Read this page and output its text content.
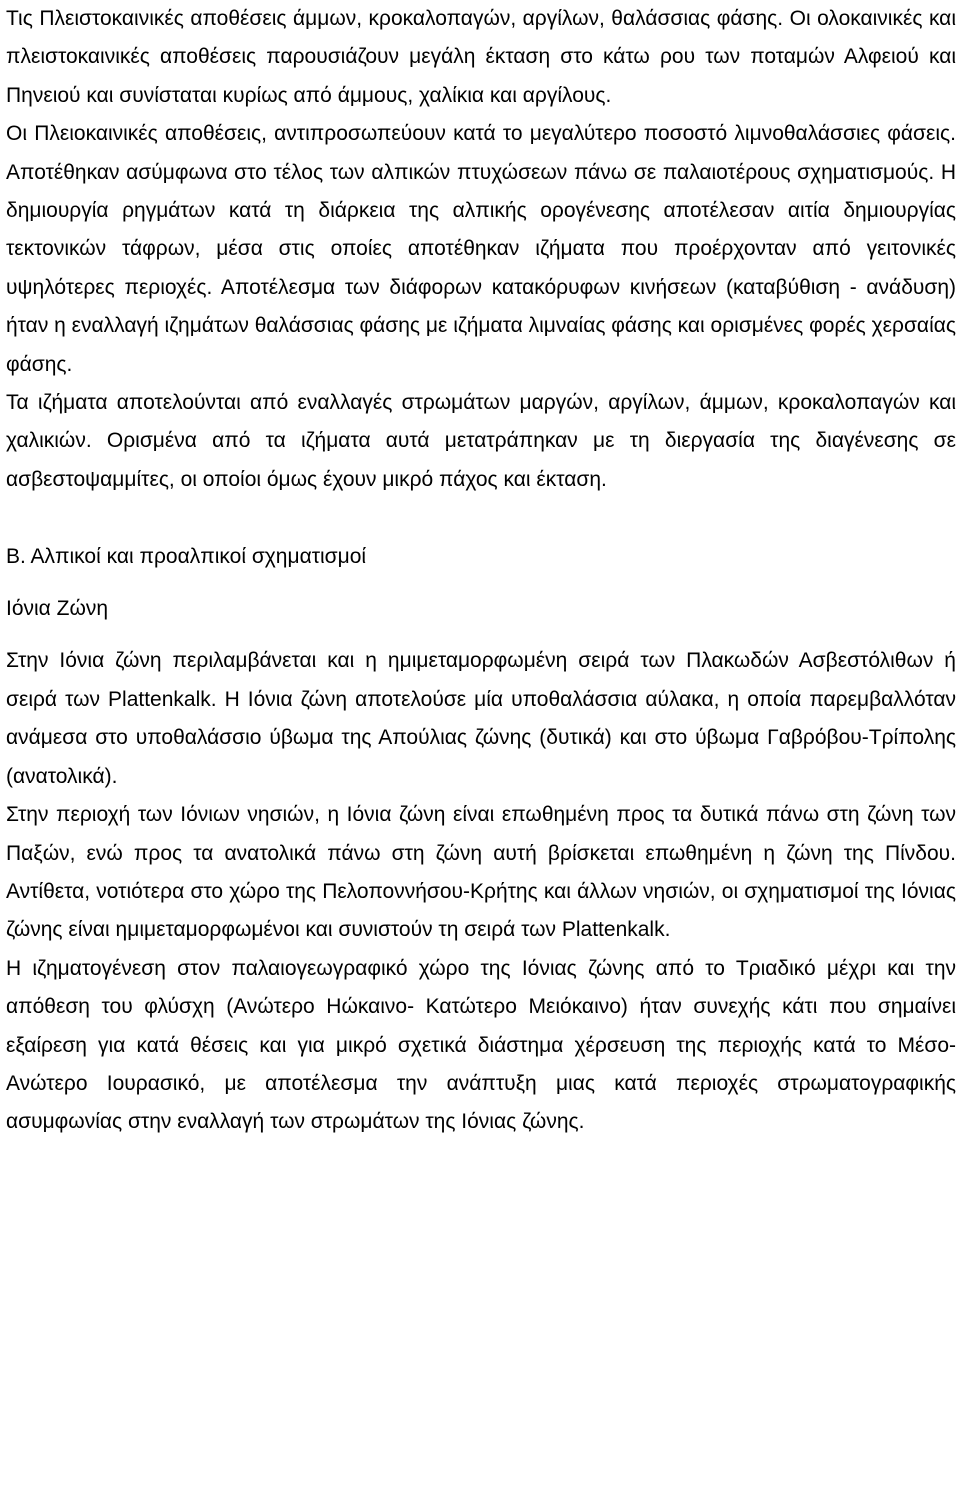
Τις Πλειστοκαινικές αποθέσεις άμμων, κροκαλοπαγών, αργίλων, θαλάσσιας φάσης. Οι ολοκαινικές και πλειστοκαινικές αποθέσεις παρουσιάζουν μεγάλη έκταση στο κάτω ρου των ποταμών Αλφειού και Πηνειού και συνίσταται κυρίως από άμμους, χαλίκια και αργίλους.

Οι Πλειοκαινικές αποθέσεις, αντιπροσωπεύουν κατά το μεγαλύτερο ποσοστό λιμνοθαλάσσιες φάσεις. Αποτέθηκαν ασύμφωνα στο τέλος των αλπικών πτυχώσεων πάνω σε παλαιοτέρους σχηματισμούς. Η δημιουργία ρηγμάτων κατά τη διάρκεια της αλπικής ορογένεσης αποτέλεσαν αιτία δημιουργίας τεκτονικών τάφρων, μέσα στις οποίες αποτέθηκαν ιζήματα που προέρχονταν από γειτονικές υψηλότερες περιοχές. Αποτέλεσμα των διάφορων κατακόρυφων κινήσεων (καταβύθιση - ανάδυση) ήταν η εναλλαγή ιζημάτων θαλάσσιας φάσης με ιζήματα λιμναίας φάσης και ορισμένες φορές χερσαίας φάσης.

Τα ιζήματα αποτελούνται από εναλλαγές στρωμάτων μαργών, αργίλων, άμμων, κροκαλοπαγών και χαλικιών. Ορισμένα από τα ιζήματα αυτά μετατράπηκαν με τη διεργασία της διαγένεσης σε ασβεστοψαμμίτες, οι οποίοι όμως έχουν μικρό πάχος και έκταση.

Β. Αλπικοί και προαλπικοί σχηματισμοί

Ιόνια Ζώνη

Στην Ιόνια ζώνη περιλαμβάνεται και η ημιμεταμορφωμένη σειρά των Πλακωδών Ασβεστόλιθων ή σειρά των Plattenkalk. Η Ιόνια ζώνη αποτελούσε μία υποθαλάσσια αύλακα, η οποία παρεμβαλλόταν ανάμεσα στο υποθαλάσσιο ύβωμα της Απούλιας ζώνης (δυτικά) και στο ύβωμα Γαβρόβου-Τρίπολης (ανατολικά).

Στην περιοχή των Ιόνιων νησιών, η Ιόνια ζώνη είναι επωθημένη προς τα δυτικά πάνω στη ζώνη των Παξών, ενώ προς τα ανατολικά πάνω στη ζώνη αυτή βρίσκεται επωθημένη η ζώνη της Πίνδου. Αντίθετα, νοτιότερα στο χώρο της Πελοποννήσου-Κρήτης και άλλων νησιών, οι σχηματισμοί της Ιόνιας ζώνης είναι ημιμεταμορφωμένοι και συνιστούν τη σειρά των Plattenkalk.

Η ιζηματογένεση στον παλαιογεωγραφικό χώρο της Ιόνιας ζώνης από το Τριαδικό μέχρι και την απόθεση του φλύσχη (Ανώτερο Ηώκαινο- Κατώτερο Μειόκαινο) ήταν συνεχής κάτι που σημαίνει εξαίρεση για κατά θέσεις και για μικρό σχετικά διάστημα χέρσευση της περιοχής κατά το Μέσο-Ανώτερο Ιουρασικό, με αποτέλεσμα την ανάπτυξη μιας κατά περιοχές στρωματογραφικής ασυμφωνίας στην εναλλαγή των στρωμάτων της Ιόνιας ζώνης.
